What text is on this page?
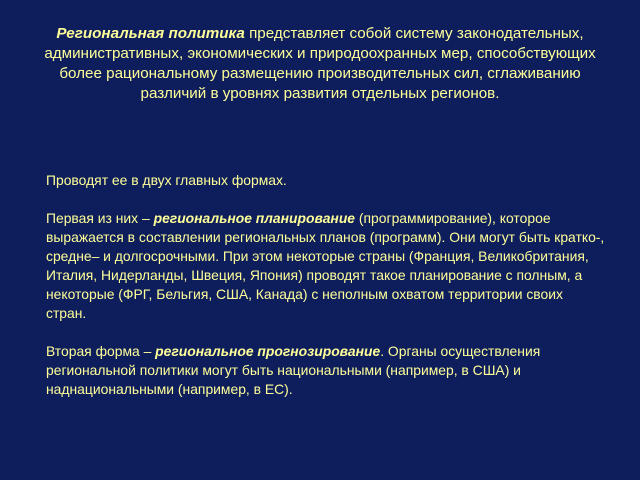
Региональная политика представляет собой систему законодательных, административных, экономических и природоохранных мер, способствующих более рациональному размещению производительных сил, сглаживанию различий в уровнях развития отдельных регионов.

Проводят ее в двух главных формах.

Первая из них – региональное планирование (программирование), которое выражается в составлении региональных планов (программ). Они могут быть кратко-, средне– и долгосрочными. При этом некоторые страны (Франция, Великобритания, Италия, Нидерланды, Швеция, Япония) проводят такое планирование с полным, а некоторые (ФРГ, Бельгия, США, Канада) с неполным охватом территории своих стран.

Вторая форма – региональное прогнозирование. Органы осуществления региональной политики могут быть национальными (например, в США) и наднациональными (например, в ЕС).
